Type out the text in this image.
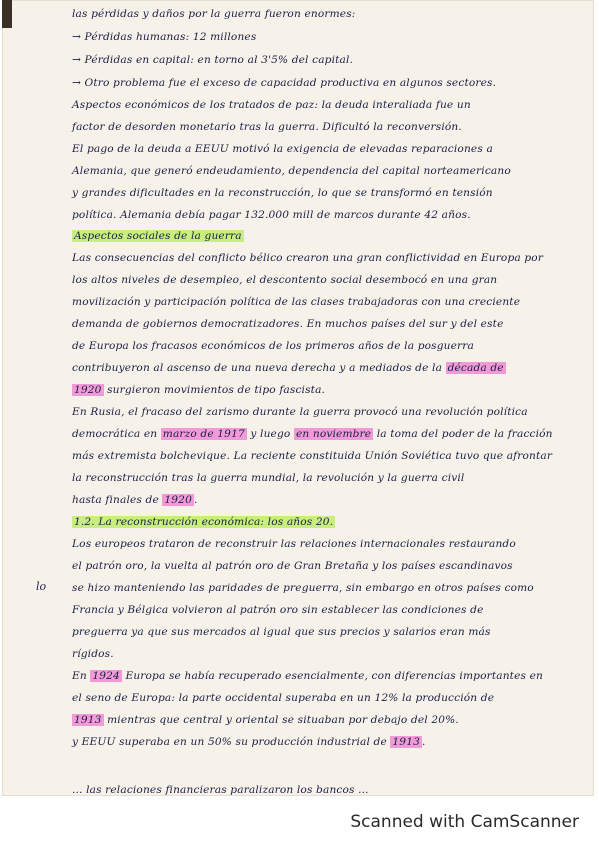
las pérdidas y daños por la guerra fueron enormes:
→ Pérdidas humanas: 12 millones
→ Pérdidas en capital: en torno al 3'5% del capital.
→ Otro problema fue el exceso de capacidad productiva en algunos sectores.
Aspectos económicos de los tratados de paz: la deuda interaliada fue un
factor de desorden monetario tras la guerra. Dificultó la reconversión.
El pago de la deuda a EEUU motivó la exigencia de elevadas reparaciones a
Alemania, que generó endeudamiento, dependencia del capital norteamericano
y grandes dificultades en la reconstrucción, lo que se transformó en tensión
política. Alemania debía pagar 132.000 mill de marcos durante 42 años.
Aspectos sociales de la guerra
Las consecuencias del conflicto bélico crearon una gran conflictividad en Europa por
los altos niveles de desempleo, el descontento social desembocó en una gran
movilización y participación política de las clases trabajadoras con una creciente
demanda de gobiernos democratizadores. En muchos países del sur y del este
de Europa los fracasos económicos de los primeros años de la posguerra
contribuyeron al ascenso de una nueva derecha y a mediados de la década de
1920 surgieron movimientos de tipo fascista.
En Rusia, el fracaso del zarismo durante la guerra provocó una revolución política
democrática en marzo de 1917 y luego en noviembre la toma del poder de la fracción
más extremista bolchevique. La reciente constituida Unión Soviética tuvo que afrontar
la reconstrucción tras la guerra mundial, la revolución y la guerra civil
hasta finales de 1920 .
1.2. La reconstrucción económica: los años 20.
Los europeos trataron de reconstruir las relaciones internacionales restaurando
el patrón oro, la vuelta al patrón oro de Gran Bretaña y los países escandinavos
se hizo manteniendo las paridades de preguerra, sin embargo en otros países como
Francia y Bélgica volvieron al patrón oro sin establecer las condiciones de
preguerra ya que sus mercados al igual que sus precios y salarios eran más
rígidos.
En 1924 Europa se había recuperado esencialmente, con diferencias importantes en
el seno de Europa: la parte occidental superaba en un 12% la producción de
1913 mientras que central y oriental se situaban por debajo del 20%.
y EEUU superaba en un 50% su producción industrial de 1913 .
... las relaciones financieras paralizaron los bancos ...
lo
Scanned with CamScanner
